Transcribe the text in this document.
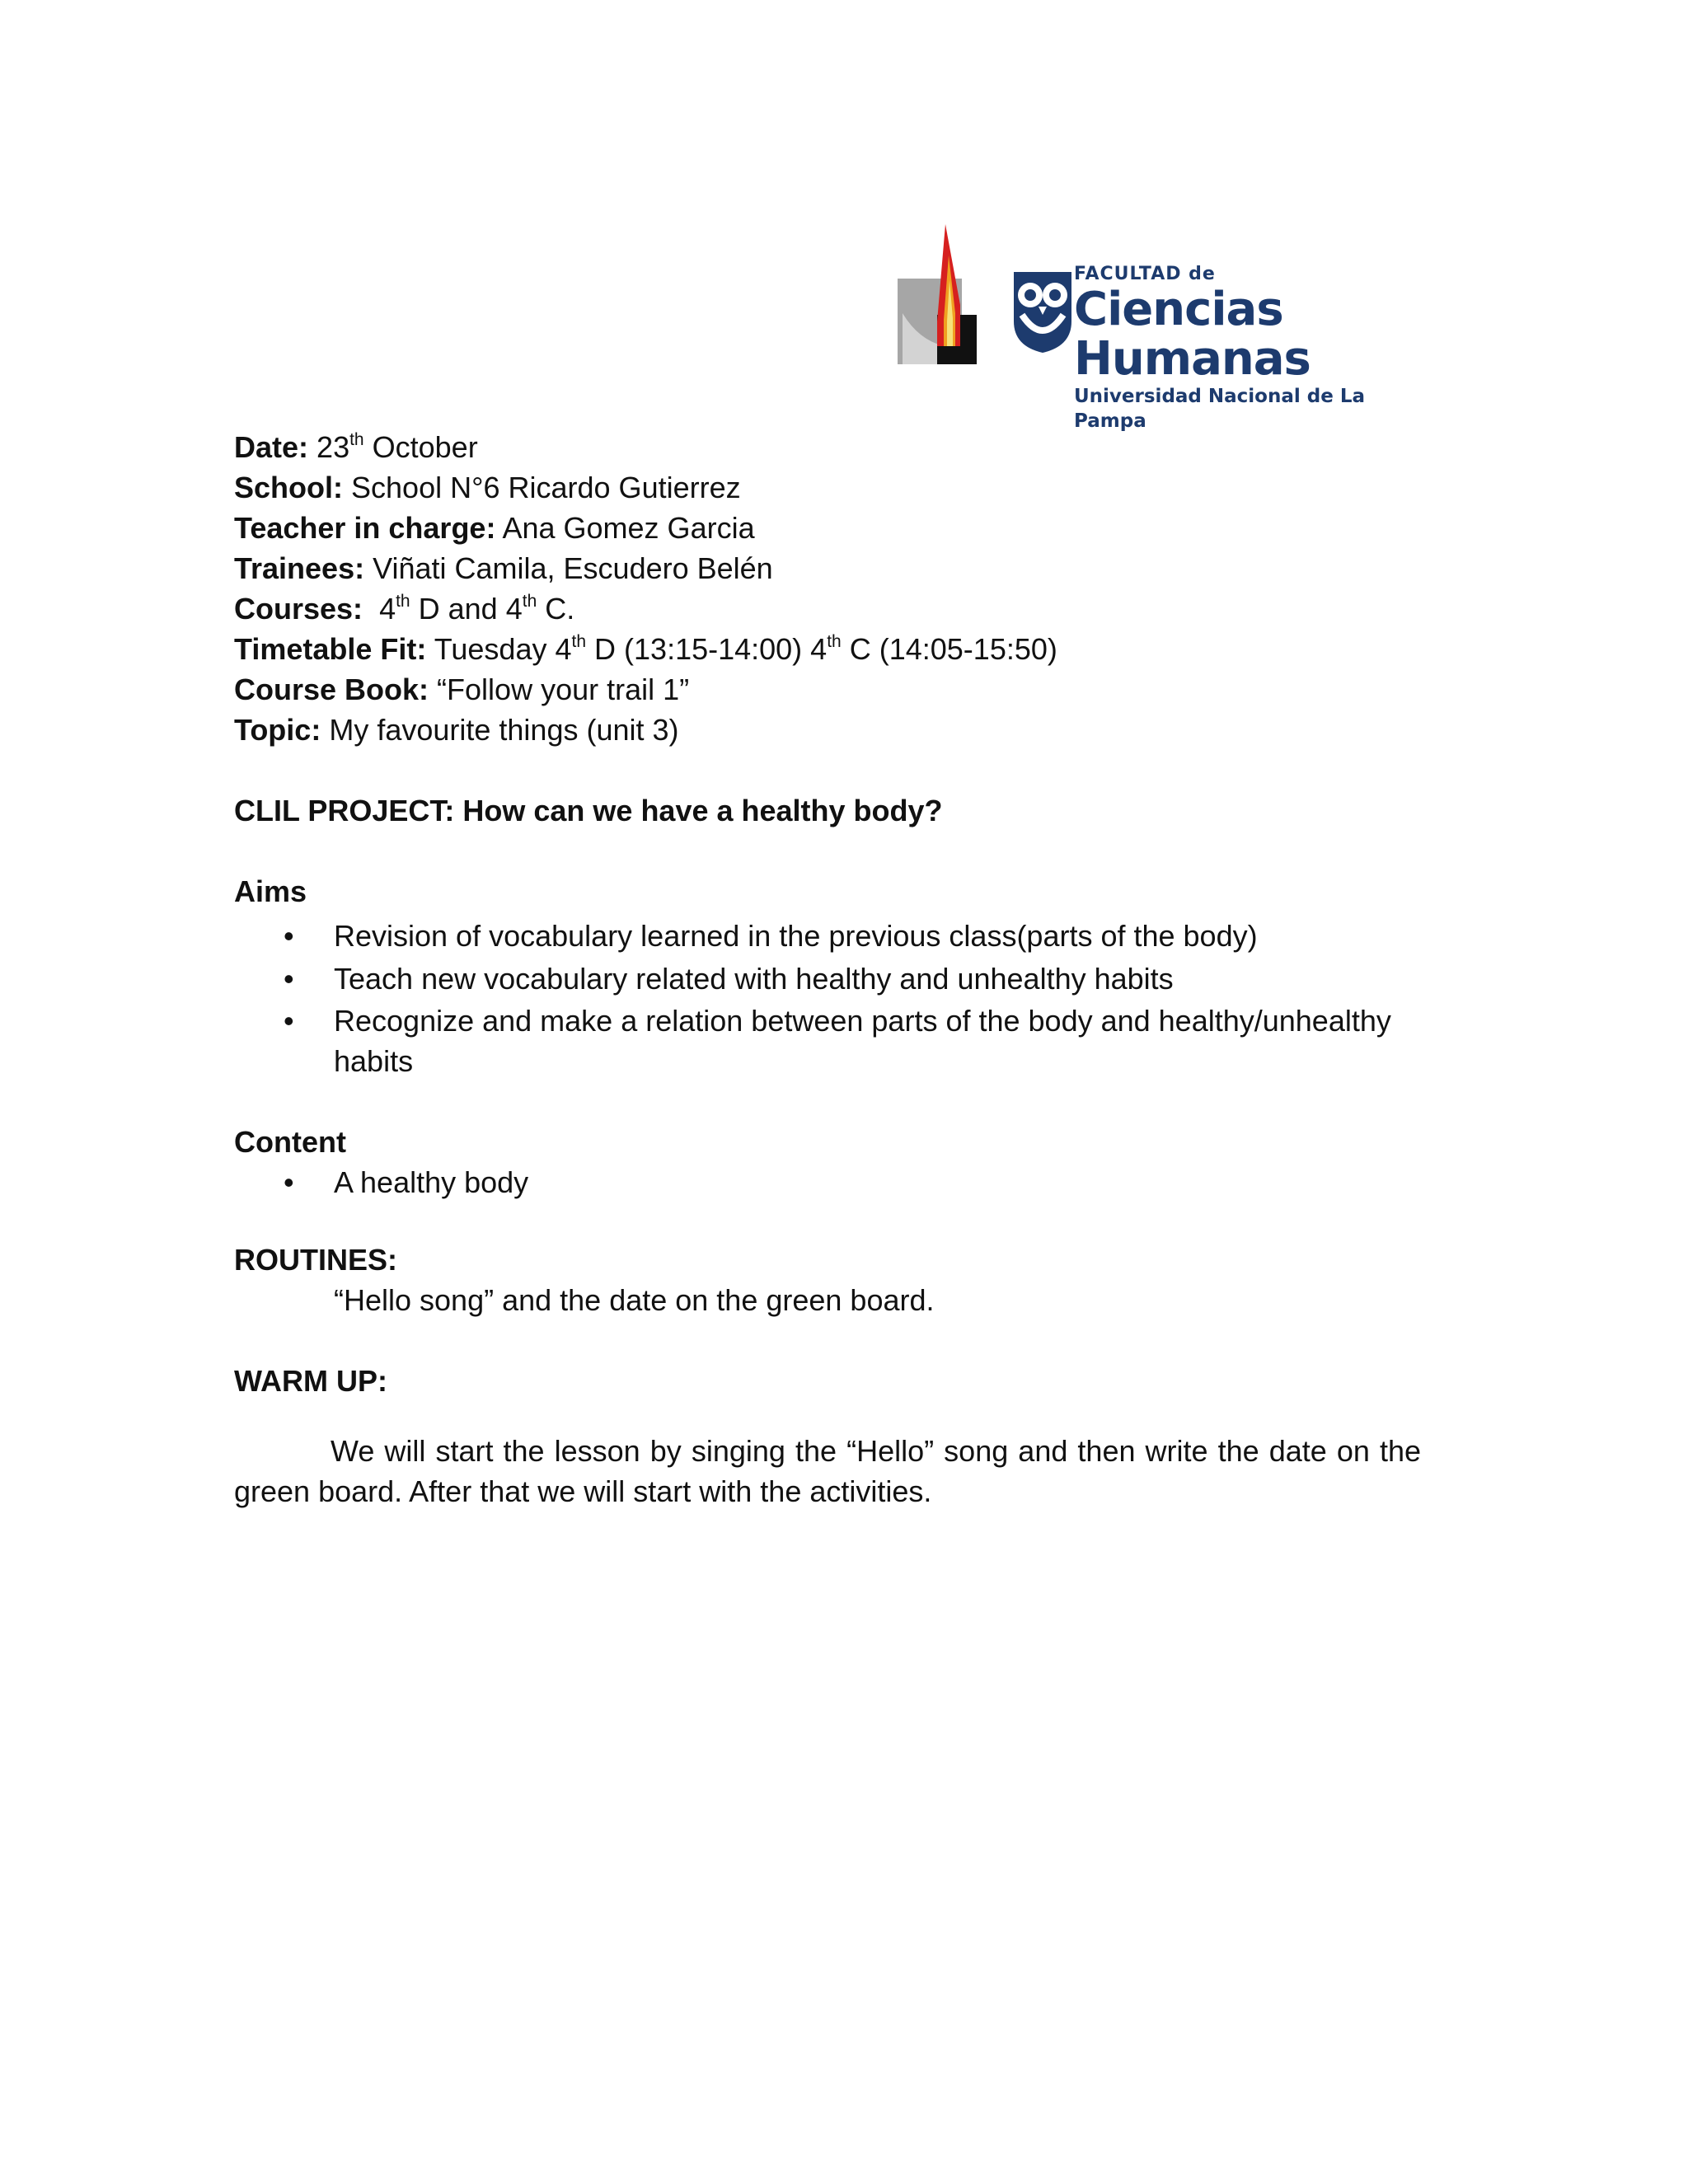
FACULTAD de
Ciencias Humanas
Universidad Nacional de La Pampa

Date: 23th October

School: School N°6 Ricardo Gutierrez

Teacher in charge: Ana Gomez Garcia

Trainees: Viñati Camila, Escudero Belén

Courses: 4th D and 4th C.

Timetable Fit: Tuesday 4th D (13:15-14:00) 4th C (14:05-15:50)

Course Book: “Follow your trail 1”

Topic: My favourite things (unit 3)

CLIL PROJECT: How can we have a healthy body?

Aims

• Revision of vocabulary learned in the previous class(parts of the body)
• Teach new vocabulary related with healthy and unhealthy habits
• Recognize and make a relation between parts of the body and healthy/unhealthy
habits

Content

• A healthy body

ROUTINES:

“Hello song” and the date on the green board.

WARM UP:

We will start the lesson by singing the “Hello” song and then write the date on the green board. After that we will start with the activities.
